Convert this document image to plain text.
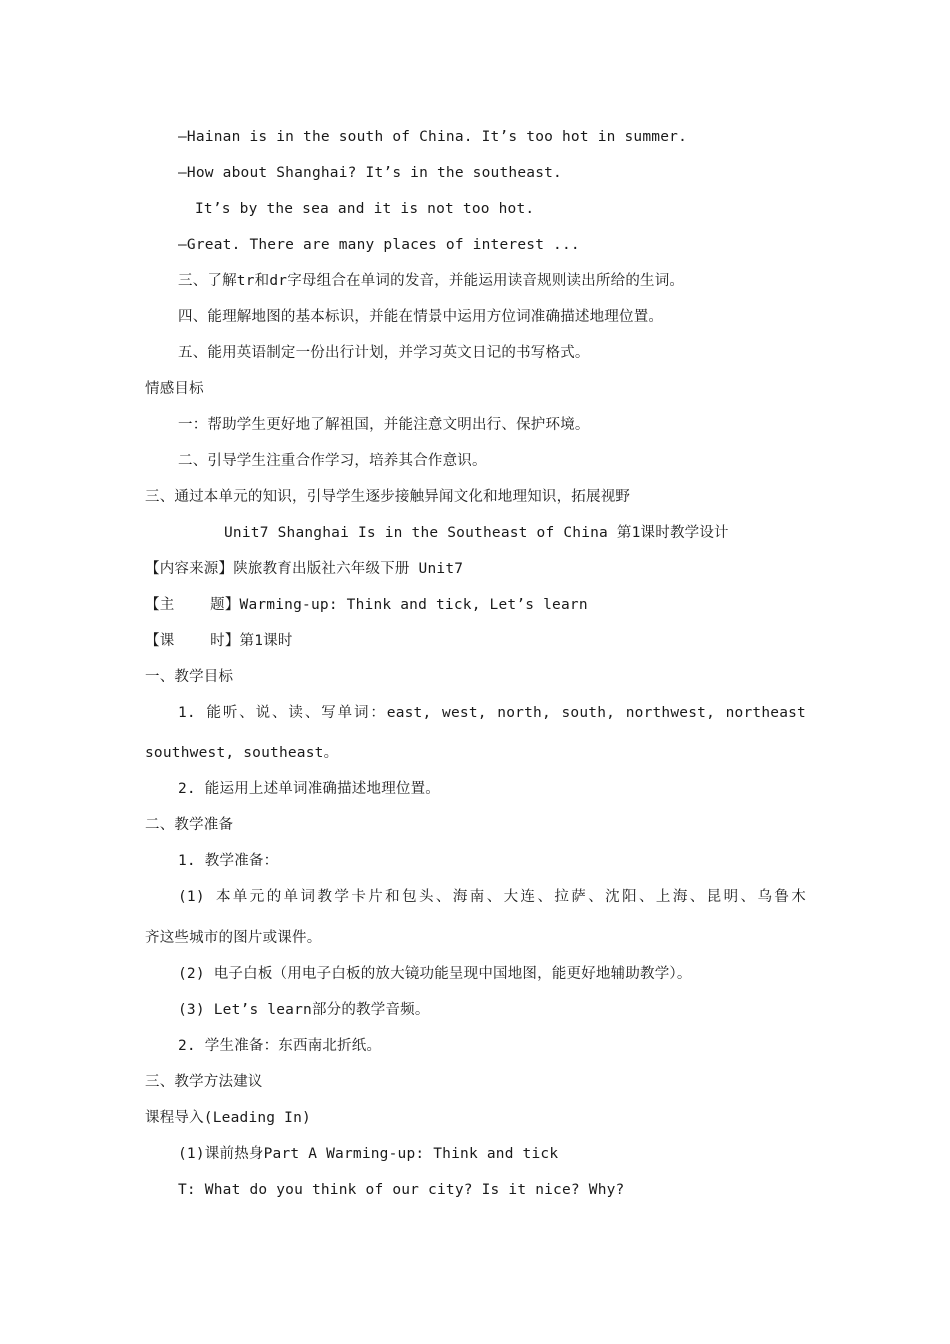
—Hainan is in the south of China. It’s too hot in summer.
—How about Shanghai? It’s in the southeast.
It’s by the sea and it is not too hot.
—Great. There are many places of interest ...
三、了解tr和dr字母组合在单词的发音，并能运用读音规则读出所给的生词。
四、能理解地图的基本标识，并能在情景中运用方位词准确描述地理位置。
五、能用英语制定一份出行计划，并学习英文日记的书写格式。
情感目标
一：帮助学生更好地了解祖国，并能注意文明出行、保护环境。
二、引导学生注重合作学习，培养其合作意识。
三、通过本单元的知识，引导学生逐步接触异闻文化和地理知识，拓展视野
Unit7 Shanghai Is in the Southeast of China 第1课时教学设计
【内容来源】陕旅教育出版社六年级下册 Unit7
【主    题】Warming-up: Think and tick, Let’s learn
【课    时】第1课时
一、教学目标
1. 能听、说、读、写单词：east, west, north, south, northwest, northeast
southwest, southeast。
2. 能运用上述单词准确描述地理位置。
二、教学准备
1. 教学准备：
(1) 本单元的单词教学卡片和包头、海南、大连、拉萨、沈阳、上海、昆明、乌鲁木
齐这些城市的图片或课件。
(2) 电子白板（用电子白板的放大镜功能呈现中国地图，能更好地辅助教学）。
(3) Let’s learn部分的教学音频。
2. 学生准备：东西南北折纸。
三、教学方法建议
课程导入(Leading In)
(1)课前热身Part A Warming-up: Think and tick
T: What do you think of our city? Is it nice? Why?
